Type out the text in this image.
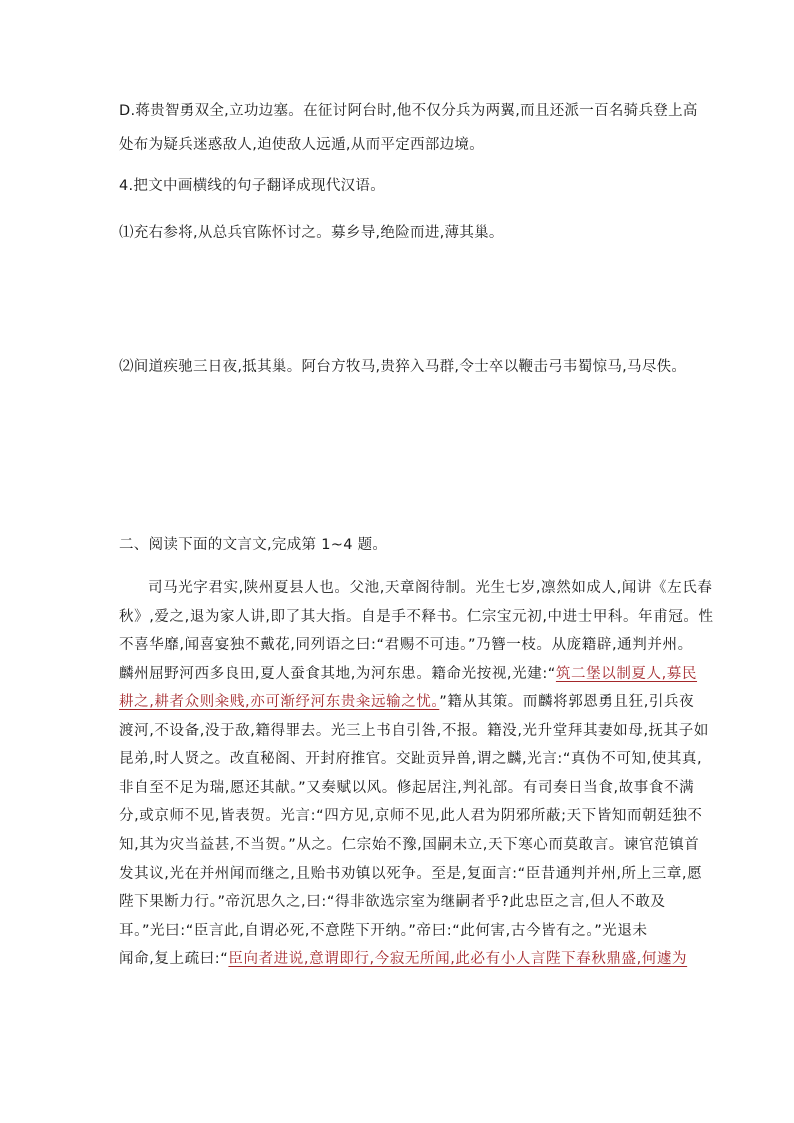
D.蒋贵智勇双全,立功边塞。在征讨阿台时,他不仅分兵为两翼,而且还派一百名骑兵登上高
处布为疑兵迷惑敌人,迫使敌人远遁,从而平定西部边境。
4.把文中画横线的句子翻译成现代汉语。
⑴充右参将,从总兵官陈怀讨之。募乡导,绝险而进,薄其巢。
⑵间道疾驰三日夜,抵其巢。阿台方牧马,贵猝入马群,令士卒以鞭击弓韦蜀惊马,马尽佚。
二、阅读下面的文言文,完成第 1~4 题。
司马光字君实,陕州夏县人也。父池,天章阁待制。光生七岁,凛然如成人,闻讲《左氏春
秋》,爱之,退为家人讲,即了其大指。自是手不释书。仁宗宝元初,中进士甲科。年甫冠。性
不喜华靡,闻喜宴独不戴花,同列语之曰:“君赐不可违。”乃簪一枝。从庞籍辟,通判并州。
麟州屈野河西多良田,夏人蚕食其地,为河东患。籍命光按视,光建:“筑二堡以制夏人,募民
耕之,耕者众则籴贱,亦可渐纾河东贵籴远输之忧。”籍从其策。而麟将郭恩勇且狂,引兵夜
渡河,不设备,没于敌,籍得罪去。光三上书自引咎,不报。籍没,光升堂拜其妻如母,抚其子如
昆弟,时人贤之。改直秘阁、开封府推官。交趾贡异兽,谓之麟,光言:“真伪不可知,使其真,
非自至不足为瑞,愿还其献。”又奏赋以风。修起居注,判礼部。有司奏日当食,故事食不满
分,或京师不见,皆表贺。光言:“四方见,京师不见,此人君为阴邪所蔽;天下皆知而朝廷独不
知,其为灾当益甚,不当贺。”从之。仁宗始不豫,国嗣未立,天下寒心而莫敢言。谏官范镇首
发其议,光在并州闻而继之,且贻书劝镇以死争。至是,复面言:“臣昔通判并州,所上三章,愿
陛下果断力行。”帝沉思久之,曰:“得非欲选宗室为继嗣者乎?此忠臣之言,但人不敢及
耳。”光曰:“臣言此,自谓必死,不意陛下开纳。”帝曰:“此何害,古今皆有之。”光退未
闻命,复上疏曰:“臣向者进说,意谓即行,今寂无所闻,此必有小人言陛下春秋鼎盛,何遽为
